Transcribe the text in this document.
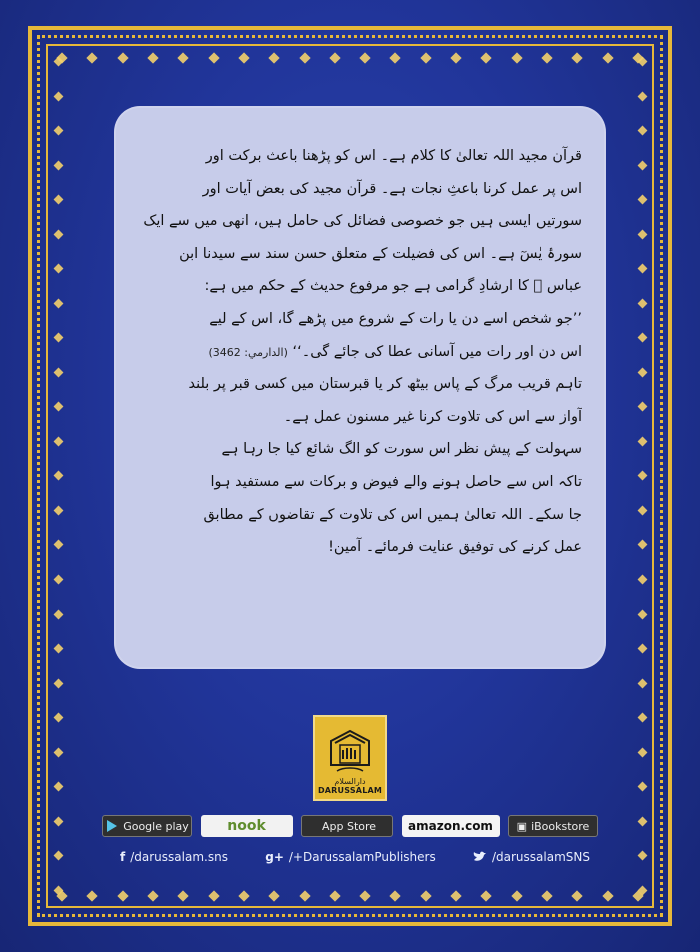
قرآن مجید اللہ تعالیٰ کا کلام ہے۔ اس کو پڑھنا باعث برکت اور
اس پر عمل کرنا باعثِ نجات ہے۔ قرآن مجید کی بعض آیات اور
سورتیں ایسی ہیں جو خصوصی فضائل کی حامل ہیں، انھی میں سے ایک
سورۂ یٰسٓ ہے۔ اس کی فضیلت کے متعلق حسن سند سے سیدنا ابن
عباس ﷜ کا ارشادِ گرامی ہے جو مرفوع حدیث کے حکم میں ہے:
’’جو شخص اسے دن یا رات کے شروع میں پڑھے گا، اس کے لیے
اس دن اور رات میں آسانی عطا کی جائے گی۔‘‘ (الدارمي: 3462)
تاہم قریب مرگ کے پاس بیٹھ کر یا قبرستان میں کسی قبر پر بلند
آواز سے اس کی تلاوت کرنا غیر مسنون عمل ہے۔
سہولت کے پیش نظر اس سورت کو الگ شائع کیا جا رہا ہے
تاکہ اس سے حاصل ہونے والے فیوض و برکات سے مستفید ہوا
جا سکے۔ اللہ تعالیٰ ہمیں اس کی تلاوت کے تقاضوں کے مطابق
عمل کرنے کی توفیق عنایت فرمائے۔ آمین!
دارالسلام
DARUSSALAM
Google play	nook	App Store	amazon.com ▣ iBookstore
f /darussalam.sns	g+ /+DarussalamPublishers	/darussalamSNS
